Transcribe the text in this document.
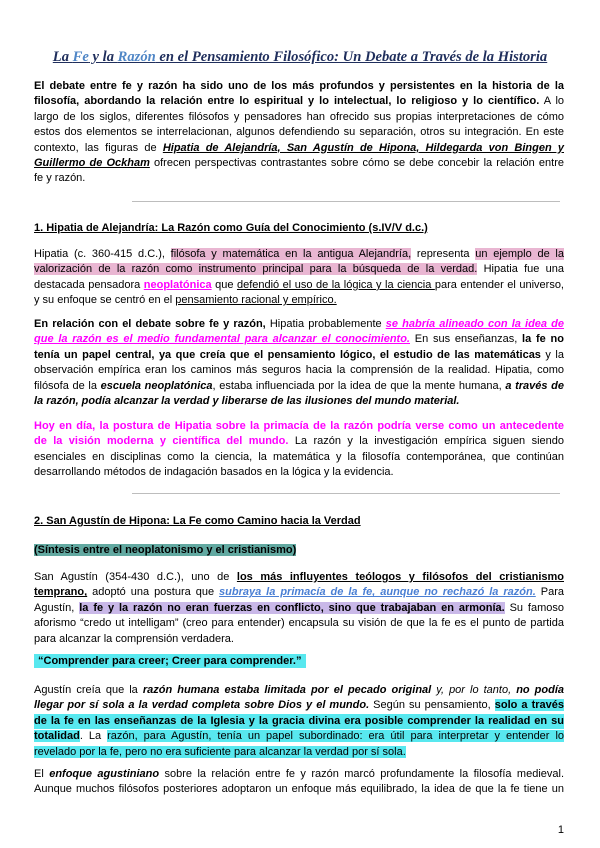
La Fe y la Razón en el Pensamiento Filosófico: Un Debate a Través de la Historia
El debate entre fe y razón ha sido uno de los más profundos y persistentes en la historia de la
filosofía, abordando la relación entre lo espiritual y lo intelectual, lo religioso y lo científico. A lo
largo de los siglos, diferentes filósofos y pensadores han ofrecido sus propias interpretaciones de cómo
estos dos elementos se interrelacionan, algunos defendiendo su separación, otros su integración. En este
contexto, las figuras de Hipatia de Alejandría, San Agustín de Hipona, Hildegarda von Bingen y
Guillermo de Ockham ofrecen perspectivas contrastantes sobre cómo se debe concebir la relación entre
fe y razón.
1. Hipatia de Alejandría: La Razón como Guía del Conocimiento (s.IV/V d.c.)
Hipatia (c. 360-415 d.C.), filósofa y matemática en la antigua Alejandría, representa un ejemplo de la
valorización de la razón como instrumento principal para la búsqueda de la verdad. Hipatia fue una
destacada pensadora neoplatónica que defendió el uso de la lógica y la ciencia para entender el universo,
y su enfoque se centró en el pensamiento racional y empírico.
En relación con el debate sobre fe y razón, Hipatia probablemente se habría alineado con la idea de
que la razón es el medio fundamental para alcanzar el conocimiento. En sus enseñanzas, la fe no
tenía un papel central, ya que creía que el pensamiento lógico, el estudio de las matemáticas y la
observación empírica eran los caminos más seguros hacia la comprensión de la realidad. Hipatia, como
filósofa de la escuela neoplatónica, estaba influenciada por la idea de que la mente humana, a través de
la razón, podía alcanzar la verdad y liberarse de las ilusiones del mundo material.
Hoy en día, la postura de Hipatia sobre la primacía de la razón podría verse como un antecedente
de la visión moderna y científica del mundo. La razón y la investigación empírica siguen siendo
esenciales en disciplinas como la ciencia, la matemática y la filosofía contemporánea, que continúan
desarrollando métodos de indagación basados en la lógica y la evidencia.
2. San Agustín de Hipona: La Fe como Camino hacia la Verdad
(Síntesis entre el neoplatonismo y el cristianismo)
San Agustín (354-430 d.C.), uno de los más influyentes teólogos y filósofos del cristianismo
temprano, adoptó una postura que subraya la primacía de la fe, aunque no rechazó la razón. Para
Agustín, la fe y la razón no eran fuerzas en conflicto, sino que trabajaban en armonía. Su famoso
aforismo “credo ut intelligam” (creo para entender) encapsula su visión de que la fe es el punto de partida
para alcanzar la comprensión verdadera.
“Comprender para creer; Creer para comprender.”
Agustín creía que la razón humana estaba limitada por el pecado original y, por lo tanto, no podía
llegar por sí sola a la verdad completa sobre Dios y el mundo. Según su pensamiento, solo a través
de la fe en las enseñanzas de la Iglesia y la gracia divina era posible comprender la realidad en su
totalidad. La razón, para Agustín, tenía un papel subordinado: era útil para interpretar y entender lo
revelado por la fe, pero no era suficiente para alcanzar la verdad por sí sola.
El enfoque agustiniano sobre la relación entre fe y razón marcó profundamente la filosofía medieval.
Aunque muchos filósofos posteriores adoptaron un enfoque más equilibrado, la idea de que la fe tiene un
1
